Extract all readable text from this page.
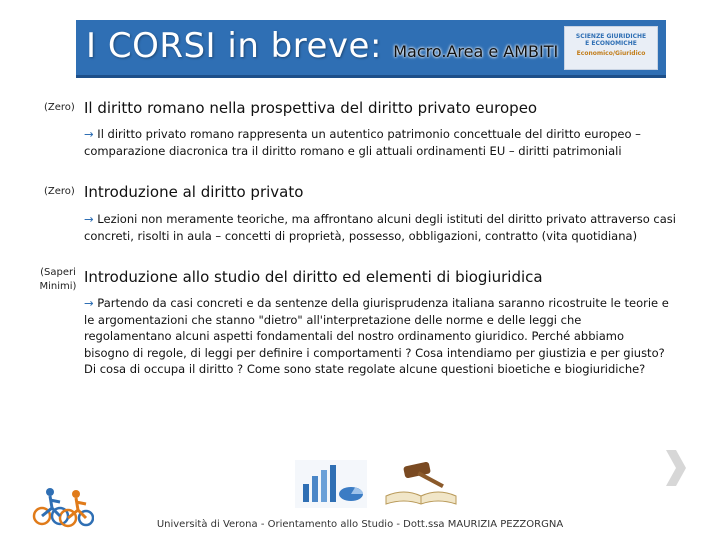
I CORSI in breve: Macro.Area e AMBITI
SCIENZE GIURIDICHE
E ECONOMICHE
Economico/Giuridico
(Zero) Il diritto romano nella prospettiva del diritto privato europeo
→ Il diritto privato romano rappresenta un autentico patrimonio concettuale del diritto europeo – comparazione diacronica tra il diritto romano e gli attuali ordinamenti EU – diritti patrimoniali
(Zero) Introduzione al diritto privato
→ Lezioni non meramente teoriche, ma affrontano alcuni degli istituti del diritto privato attraverso casi concreti, risolti in aula – concetti di proprietà, possesso, obbligazioni, contratto (vita quotidiana)
(Saperi
Minimi)
Introduzione allo studio del diritto ed elementi di biogiuridica
→ Partendo da casi concreti e da sentenze della giurisprudenza italiana saranno ricostruite le teorie e le argomentazioni che stanno "dietro" all'interpretazione delle norme e delle leggi che regolamentano alcuni aspetti fondamentali del nostro ordinamento giuridico. Perché abbiamo bisogno di regole, di leggi per definire i comportamenti ? Cosa intendiamo per giustizia e per giusto? Di cosa di occupa il diritto ? Come sono state regolate alcune questioni bioetiche e biogiuridiche?
Università di Verona - Orientamento allo Studio - Dott.ssa MAURIZIA PEZZORGNA
